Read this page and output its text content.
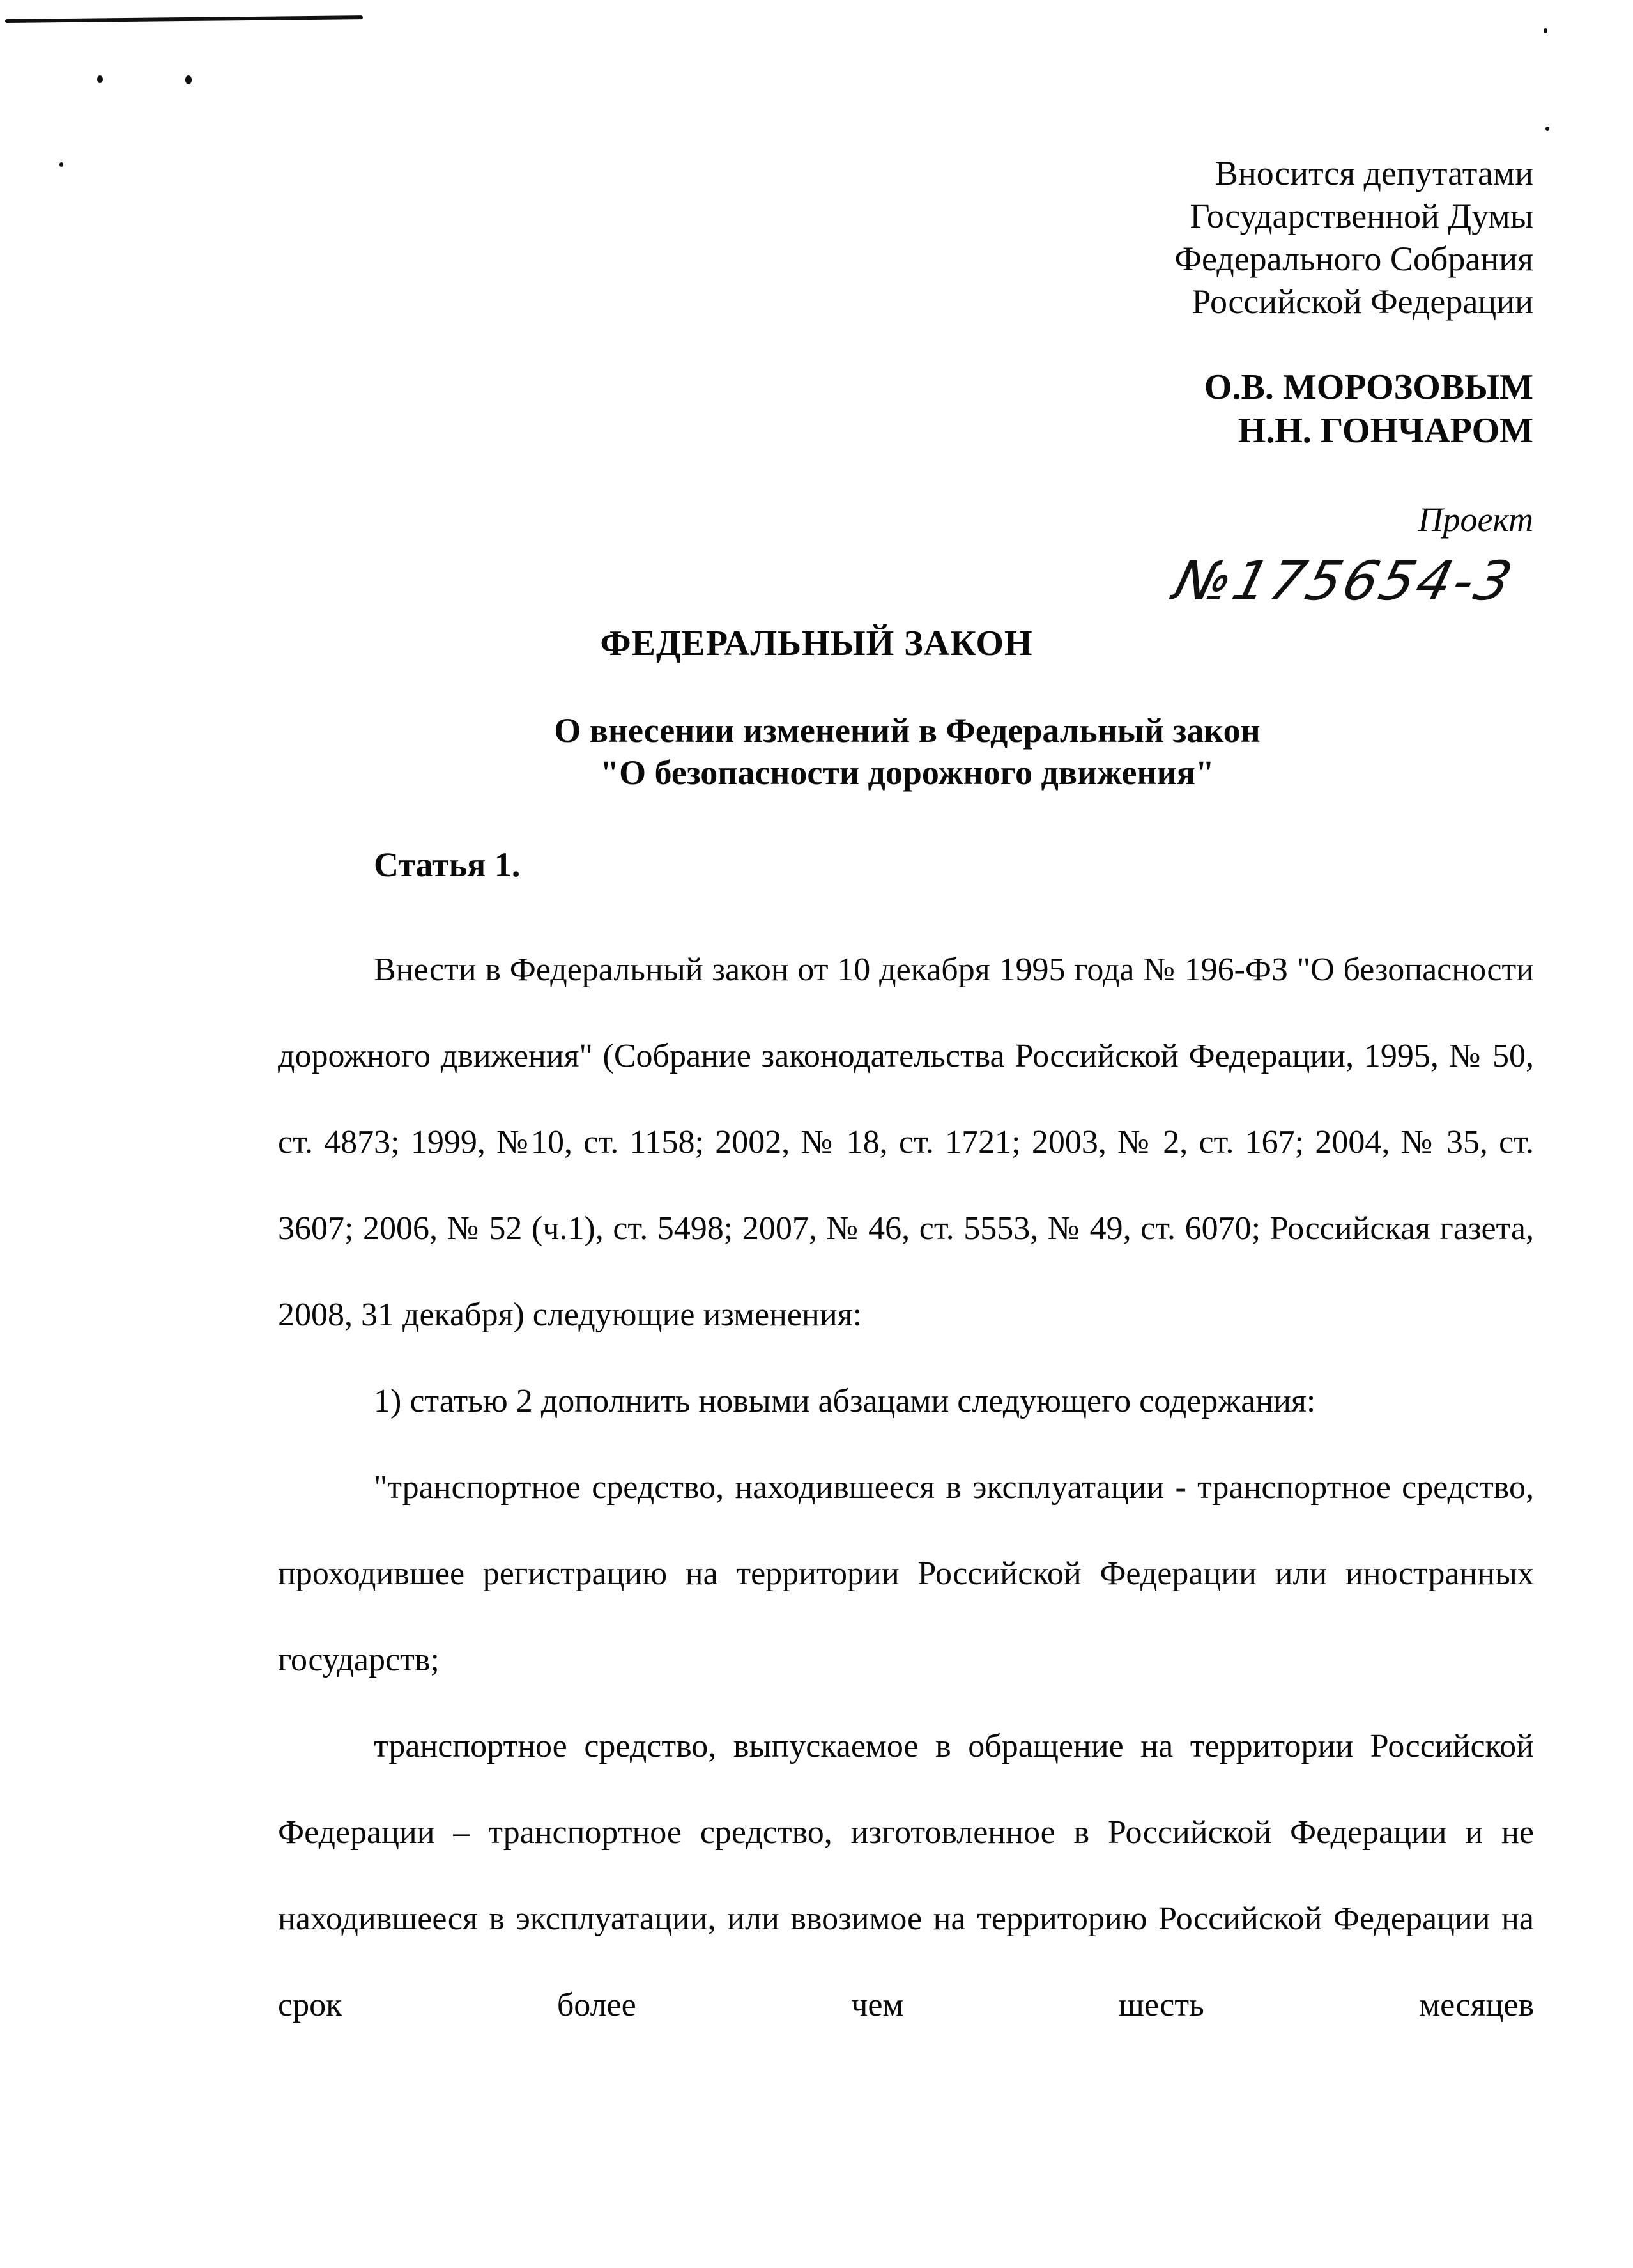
Вносится депутатами
Государственной Думы
Федерального Собрания
Российской Федерации
О.В. МОРОЗОВЫМ
Н.Н. ГОНЧАРОМ
Проект
№175654-3
ФЕДЕРАЛЬНЫЙ ЗАКОН
О внесении изменений в Федеральный закон
"О безопасности дорожного движения"
Статья 1.

Внести в Федеральный закон от 10 декабря 1995 года № 196-ФЗ "О безопасности дорожного движения" (Собрание законодательства Российской Федерации, 1995, № 50, ст. 4873; 1999, №10, ст. 1158; 2002, № 18, ст. 1721; 2003, № 2, ст. 167; 2004, № 35, ст. 3607; 2006, № 52 (ч.1), ст. 5498; 2007, № 46, ст. 5553, № 49, ст. 6070; Российская газета, 2008, 31 декабря) следующие изменения:

1) статью 2 дополнить новыми абзацами следующего содержания:

"транспортное средство, находившееся в эксплуатации - транспортное средство, проходившее регистрацию на территории Российской Федерации или иностранных государств;

транспортное средство, выпускаемое в обращение на территории Российской Федерации – транспортное средство, изготовленное в Российской Федерации и не находившееся в эксплуатации, или ввозимое на территорию Российской Федерации на срок более чем шесть месяцев
